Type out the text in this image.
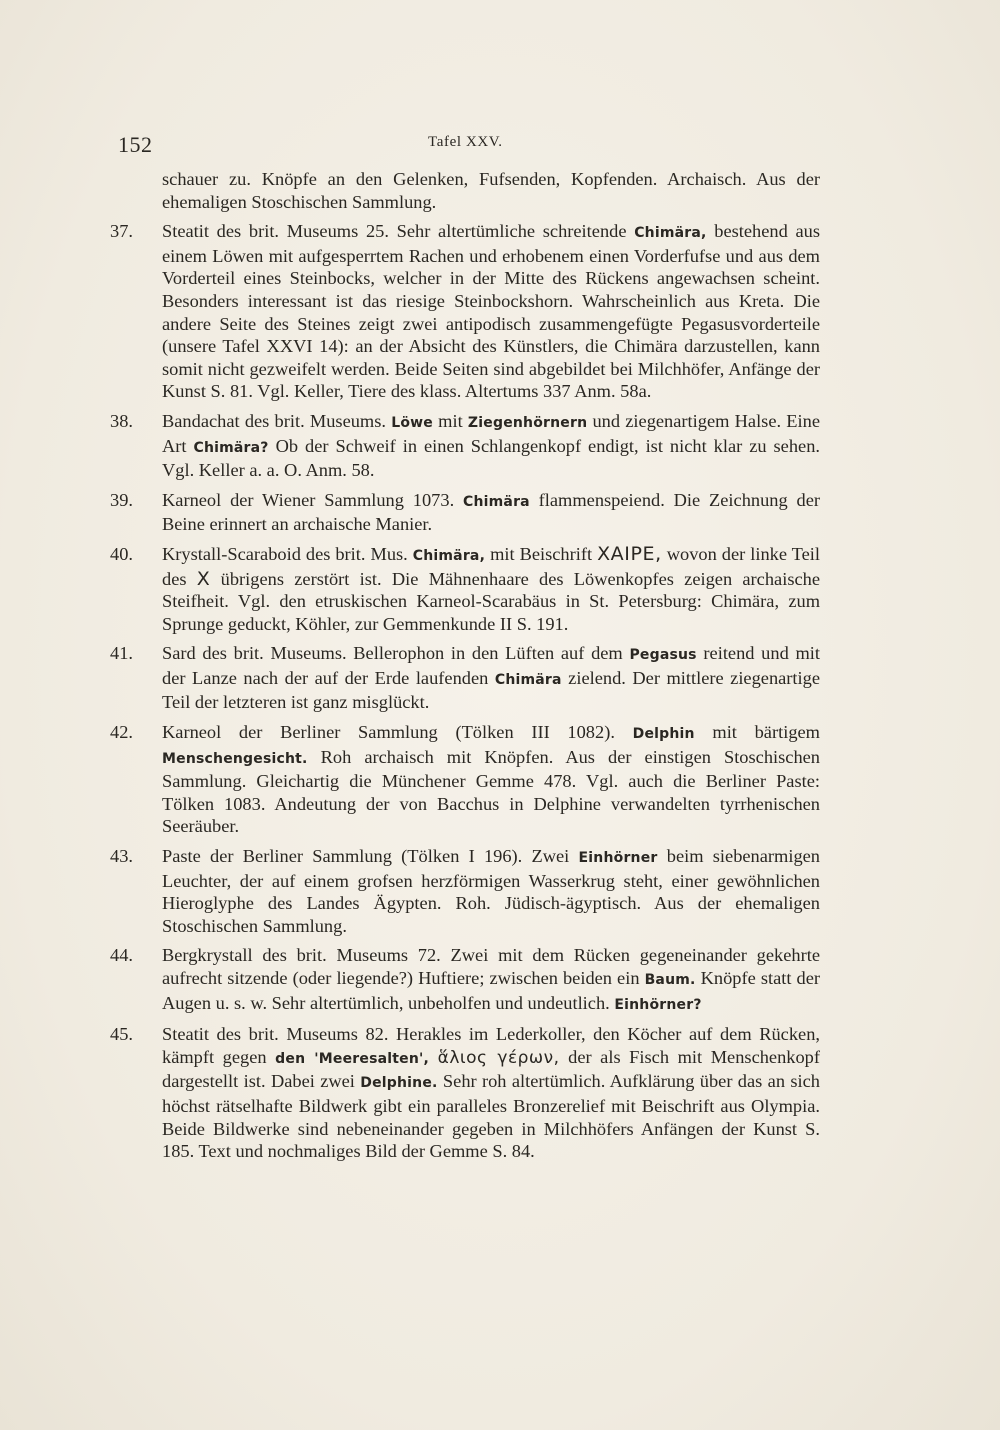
152	Tafel XXV.
schauer zu. Knöpfe an den Gelenken, Fufsenden, Kopfenden. Archaisch. Aus der ehemaligen Stoschischen Sammlung.
37.	Steatit des brit. Museums 25. Sehr altertümliche schreitende Chimära, bestehend aus einem Löwen mit aufgesperrtem Rachen und erhobenem einen Vorderfufse und aus dem Vorderteil eines Steinbocks, welcher in der Mitte des Rückens angewachsen scheint. Besonders interessant ist das riesige Steinbockshorn. Wahrscheinlich aus Kreta. Die andere Seite des Steines zeigt zwei antipodisch zusammengefügte Pegasusvorderteile (unsere Tafel XXVI 14): an der Absicht des Künstlers, die Chimära darzustellen, kann somit nicht gezweifelt werden. Beide Seiten sind abgebildet bei Milchhöfer, Anfänge der Kunst S. 81. Vgl. Keller, Tiere des klass. Altertums 337 Anm. 58a.
38.	Bandachat des brit. Museums. Löwe mit Ziegenhörnern und ziegenartigem Halse. Eine Art Chimära? Ob der Schweif in einen Schlangenkopf endigt, ist nicht klar zu sehen. Vgl. Keller a. a. O. Anm. 58.
39.	Karneol der Wiener Sammlung 1073. Chimära flammenspeiend. Die Zeichnung der Beine erinnert an archaische Manier.
40.	Krystall-Scaraboid des brit. Mus. Chimära, mit Beischrift XAIPE, wovon der linke Teil des X übrigens zerstört ist. Die Mähnenhaare des Löwenkopfes zeigen archaische Steifheit. Vgl. den etruskischen Karneol-Scarabäus in St. Petersburg: Chimära, zum Sprunge geduckt, Köhler, zur Gemmenkunde II S. 191.
41.	Sard des brit. Museums. Bellerophon in den Lüften auf dem Pegasus reitend und mit der Lanze nach der auf der Erde laufenden Chimära zielend. Der mittlere ziegenartige Teil der letzteren ist ganz misglückt.
42.	Karneol der Berliner Sammlung (Tölken III 1082). Delphin mit bärtigem Menschengesicht. Roh archaisch mit Knöpfen. Aus der einstigen Stoschischen Sammlung. Gleichartig die Münchener Gemme 478. Vgl. auch die Berliner Paste: Tölken 1083. Andeutung der von Bacchus in Delphine verwandelten tyrrhenischen Seeräuber.
43.	Paste der Berliner Sammlung (Tölken I 196). Zwei Einhörner beim siebenarmigen Leuchter, der auf einem grofsen herzförmigen Wasserkrug steht, einer gewöhnlichen Hieroglyphe des Landes Ägypten. Roh. Jüdisch-ägyptisch. Aus der ehemaligen Stoschischen Sammlung.
44.	Bergkrystall des brit. Museums 72. Zwei mit dem Rücken gegeneinander gekehrte aufrecht sitzende (oder liegende?) Huftiere; zwischen beiden ein Baum. Knöpfe statt der Augen u. s. w. Sehr altertümlich, unbeholfen und undeutlich. Einhörner?
45.	Steatit des brit. Museums 82. Herakles im Lederkoller, den Köcher auf dem Rücken, kämpft gegen den 'Meeresalten', ἅλιος γέρων, der als Fisch mit Menschenkopf dargestellt ist. Dabei zwei Delphine. Sehr roh altertümlich. Aufklärung über das an sich höchst rätselhafte Bildwerk gibt ein paralleles Bronzerelief mit Beischrift aus Olympia. Beide Bildwerke sind nebeneinander gegeben in Milchhöfers Anfängen der Kunst S. 185. Text und nochmaliges Bild der Gemme S. 84.
